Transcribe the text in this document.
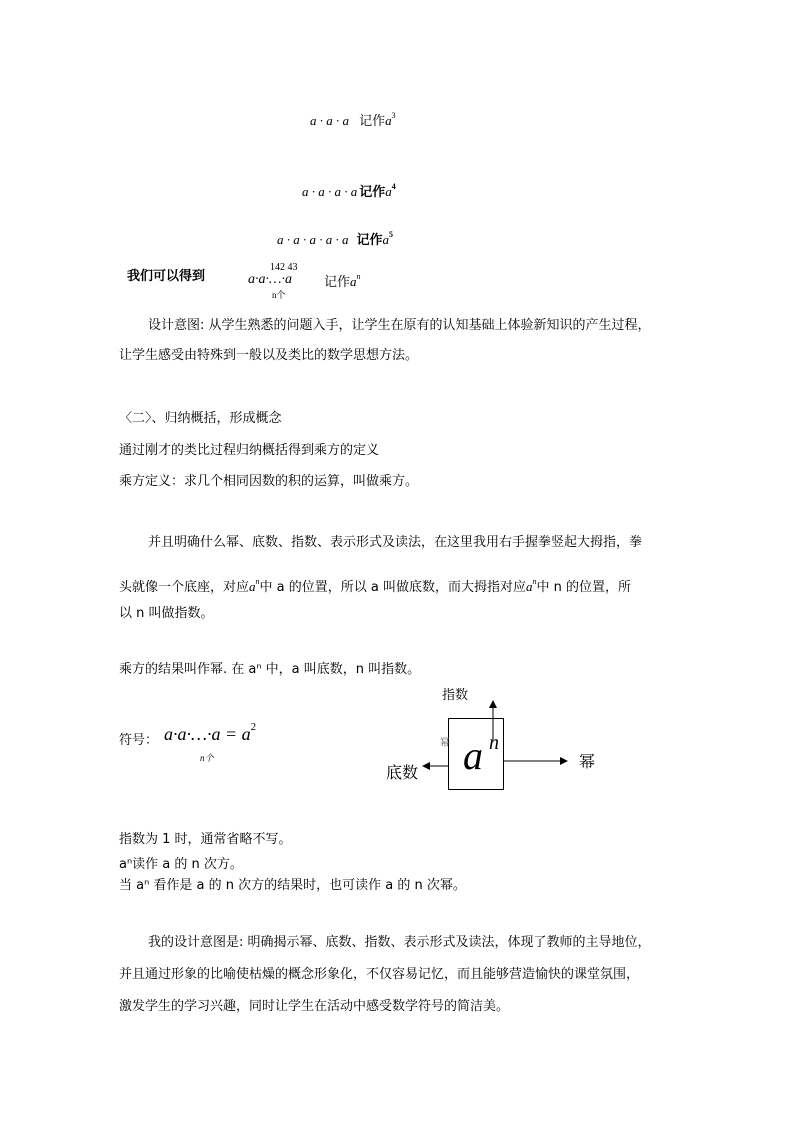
a · a · a 记作$a^3$
a · a · a · a 记作$a^4$
a · a · a · a · a 记作$a^5$
我们可以得到	a·a·…·a
142 43
n个
记作$a^n$
设计意图: 从学生熟悉的问题入手，让学生在原有的认知基础上体验新知识的产生过程，
让学生感受由特殊到一般以及类比的数学思想方法。
〈二〉、归纳概括，形成概念
通过刚才的类比过程归纳概括得到乘方的定义
乘方定义：求几个相同因数的积的运算，叫做乘方。
并且明确什么幂、底数、指数、表示形式及读法，在这里我用右手握拳竖起大拇指，拳
头就像一个底座，对应$a^n$中 a 的位置，所以 a 叫做底数，而大拇指对应$a^n$中 n 的位置，所
以 n 叫做指数。
乘方的结果叫作幂. 在 aⁿ 中，a 叫底数，n 叫指数。
符号： a·a·…·a = $a^2$
n个
指数
幂 a n
底数
幂
指数为 1 时，通常省略不写。
aⁿ读作 a 的 n 次方。
当 aⁿ 看作是 a 的 n 次方的结果时，也可读作 a 的 n 次幂。
我的设计意图是: 明确揭示幂、底数、指数、表示形式及读法，体现了教师的主导地位，
并且通过形象的比喻使枯燥的概念形象化，不仅容易记忆，而且能够营造愉快的课堂氛围，
激发学生的学习兴趣，同时让学生在活动中感受数学符号的简洁美。
